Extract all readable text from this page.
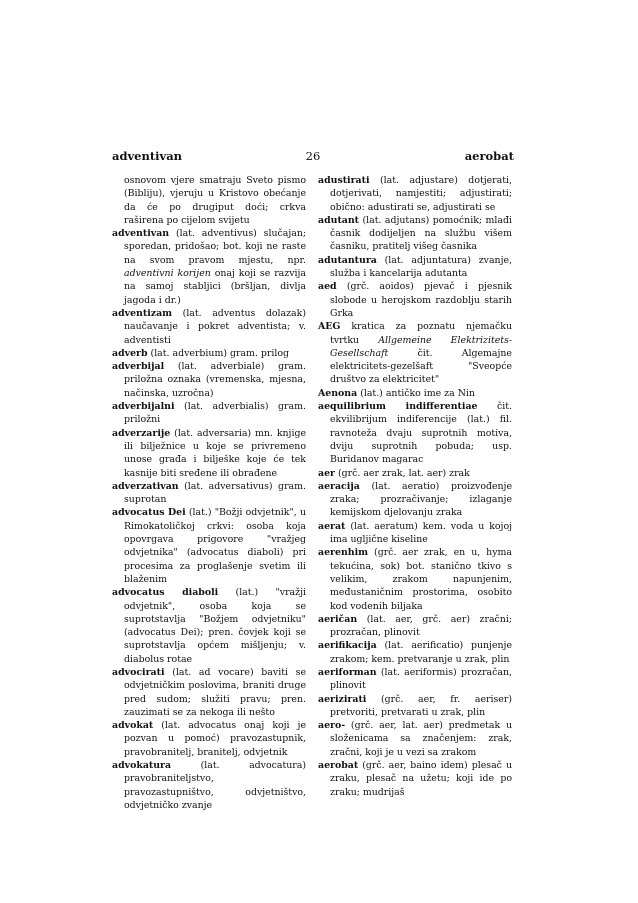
adventivan	26	aerobat

osnovom vjere smatraju Sveto pismo (Bibliju), vjeruju u Kristovo obećanje da će po drugiput doći; crkva raširena po cijelom svijetu

adventivan (lat. adventivus) slučajan; sporedan, pridošao; bot. koji ne raste na svom pravom mjestu, npr. adventivni korijen onaj koji se razvija na samoj stabljici (bršljan, divlja jagoda i dr.)

adventizam (lat. adventus dolazak) naučavanje i pokret adventista; v. adventisti

adverb (lat. adverbium) gram. prilog

adverbijal (lat. adverbiale) gram. priložna oznaka (vremenska, mjesna, načinska, uzročna)

adverbijalni (lat. adverbialis) gram. priložni

adverzarije (lat. adversaria) mn. knjige ili bilježnice u koje se privremeno unose građa i bilješke koje će tek kasnije biti sređene ili obrađene

adverzativan (lat. adversativus) gram. suprotan

advocatus Dei (lat.) "Božji odvjetnik", u Rimokatoličkoj crkvi: osoba koja opovrgava prigovore "vražjeg odvjetnika" (advocatus diaboli) pri procesima za proglašenje svetim ili blaženim

advocatus diaboli (lat.) "vražji odvjetnik", osoba koja se suprotstavlja "Božjem odvjetniku" (advocatus Dei); pren. čovjek koji se suprotstavlja općem mišljenju; v. diabolus rotae

advocirati (lat. ad vocare) baviti se odvjetničkim poslovima, braniti druge pred sudom; služiti pravu; pren. zauzimati se za nekoga ili nešto

advokat (lat. advocatus onaj koji je pozvan u pomoć) pravozastupnik, pravobranitelj, branitelj, odvjetnik

advokatura	(lat. advocatura) pravobraniteljstvo, pravozastupništvo, odvjetništvo, odvjetničko zvanje

adustirati (lat. adjustare) dotjerati, dotjerivati, namjestiti; adjustirati; obično: adustirati se, adjustirati se

adutant (lat. adjutans) pomoćnik; mlađi časnik dodijeljen na službu višem časniku, pratitelj višeg časnika

adutantura (lat. adjuntatura) zvanje, služba i kancelarija adutanta

aed (grč. aoidos) pjevač i pjesnik slobode u herojskom razdoblju starih Grka

AEG kratica za poznatu njemačku tvrtku Allgemeine Elektrizitets-Gesellschaft	čit. Algemajne elektricitets-gezelšaft "Sveopće društvo za elektricitet"

Aenona (lat.) antičko ime za Nin

aequilibrium indifferentiae čit. ekvilibrijum indiferencije (lat.) fil. ravnoteža dvaju suprotnih motiva, dviju suprotnih pobuda; usp. Buridanov magarac

aer (grč. aer zrak, lat. aer) zrak

aeracija (lat. aeratio) proizvođenje zraka; prozračivanje; izlaganje kemijskom djelovanju zraka

aerat (lat. aeratum) kem. voda u kojoj ima ugljične kiseline

aerenhim (grč. aer zrak, en u, hyma tekućina, sok) bot. stanično tkivo s velikim, zrakom napunjenim, međustaničnim prostorima, osobito kod vodenih biljaka

aeričan (lat. aer, grč. aer) zračni; prozračan, plinovit

aerifikacija (lat. aerificatio) punjenje zrakom; kem. pretvaranje u zrak, plin

aeriforman (lat. aeriformis) prozračan, plinovit

aerizirati (grč. aer, fr. aeriser) pretvoriti, pretvarati u zrak, plin

aero- (grč. aer, lat. aer) predmetak u složenicama sa značenjem: zrak, zračni, koji je u vezi sa zrakom

aerobat (grč. aer, baino idem) plesač u zraku, plesač na užetu; koji ide po zraku; mudrijaš
